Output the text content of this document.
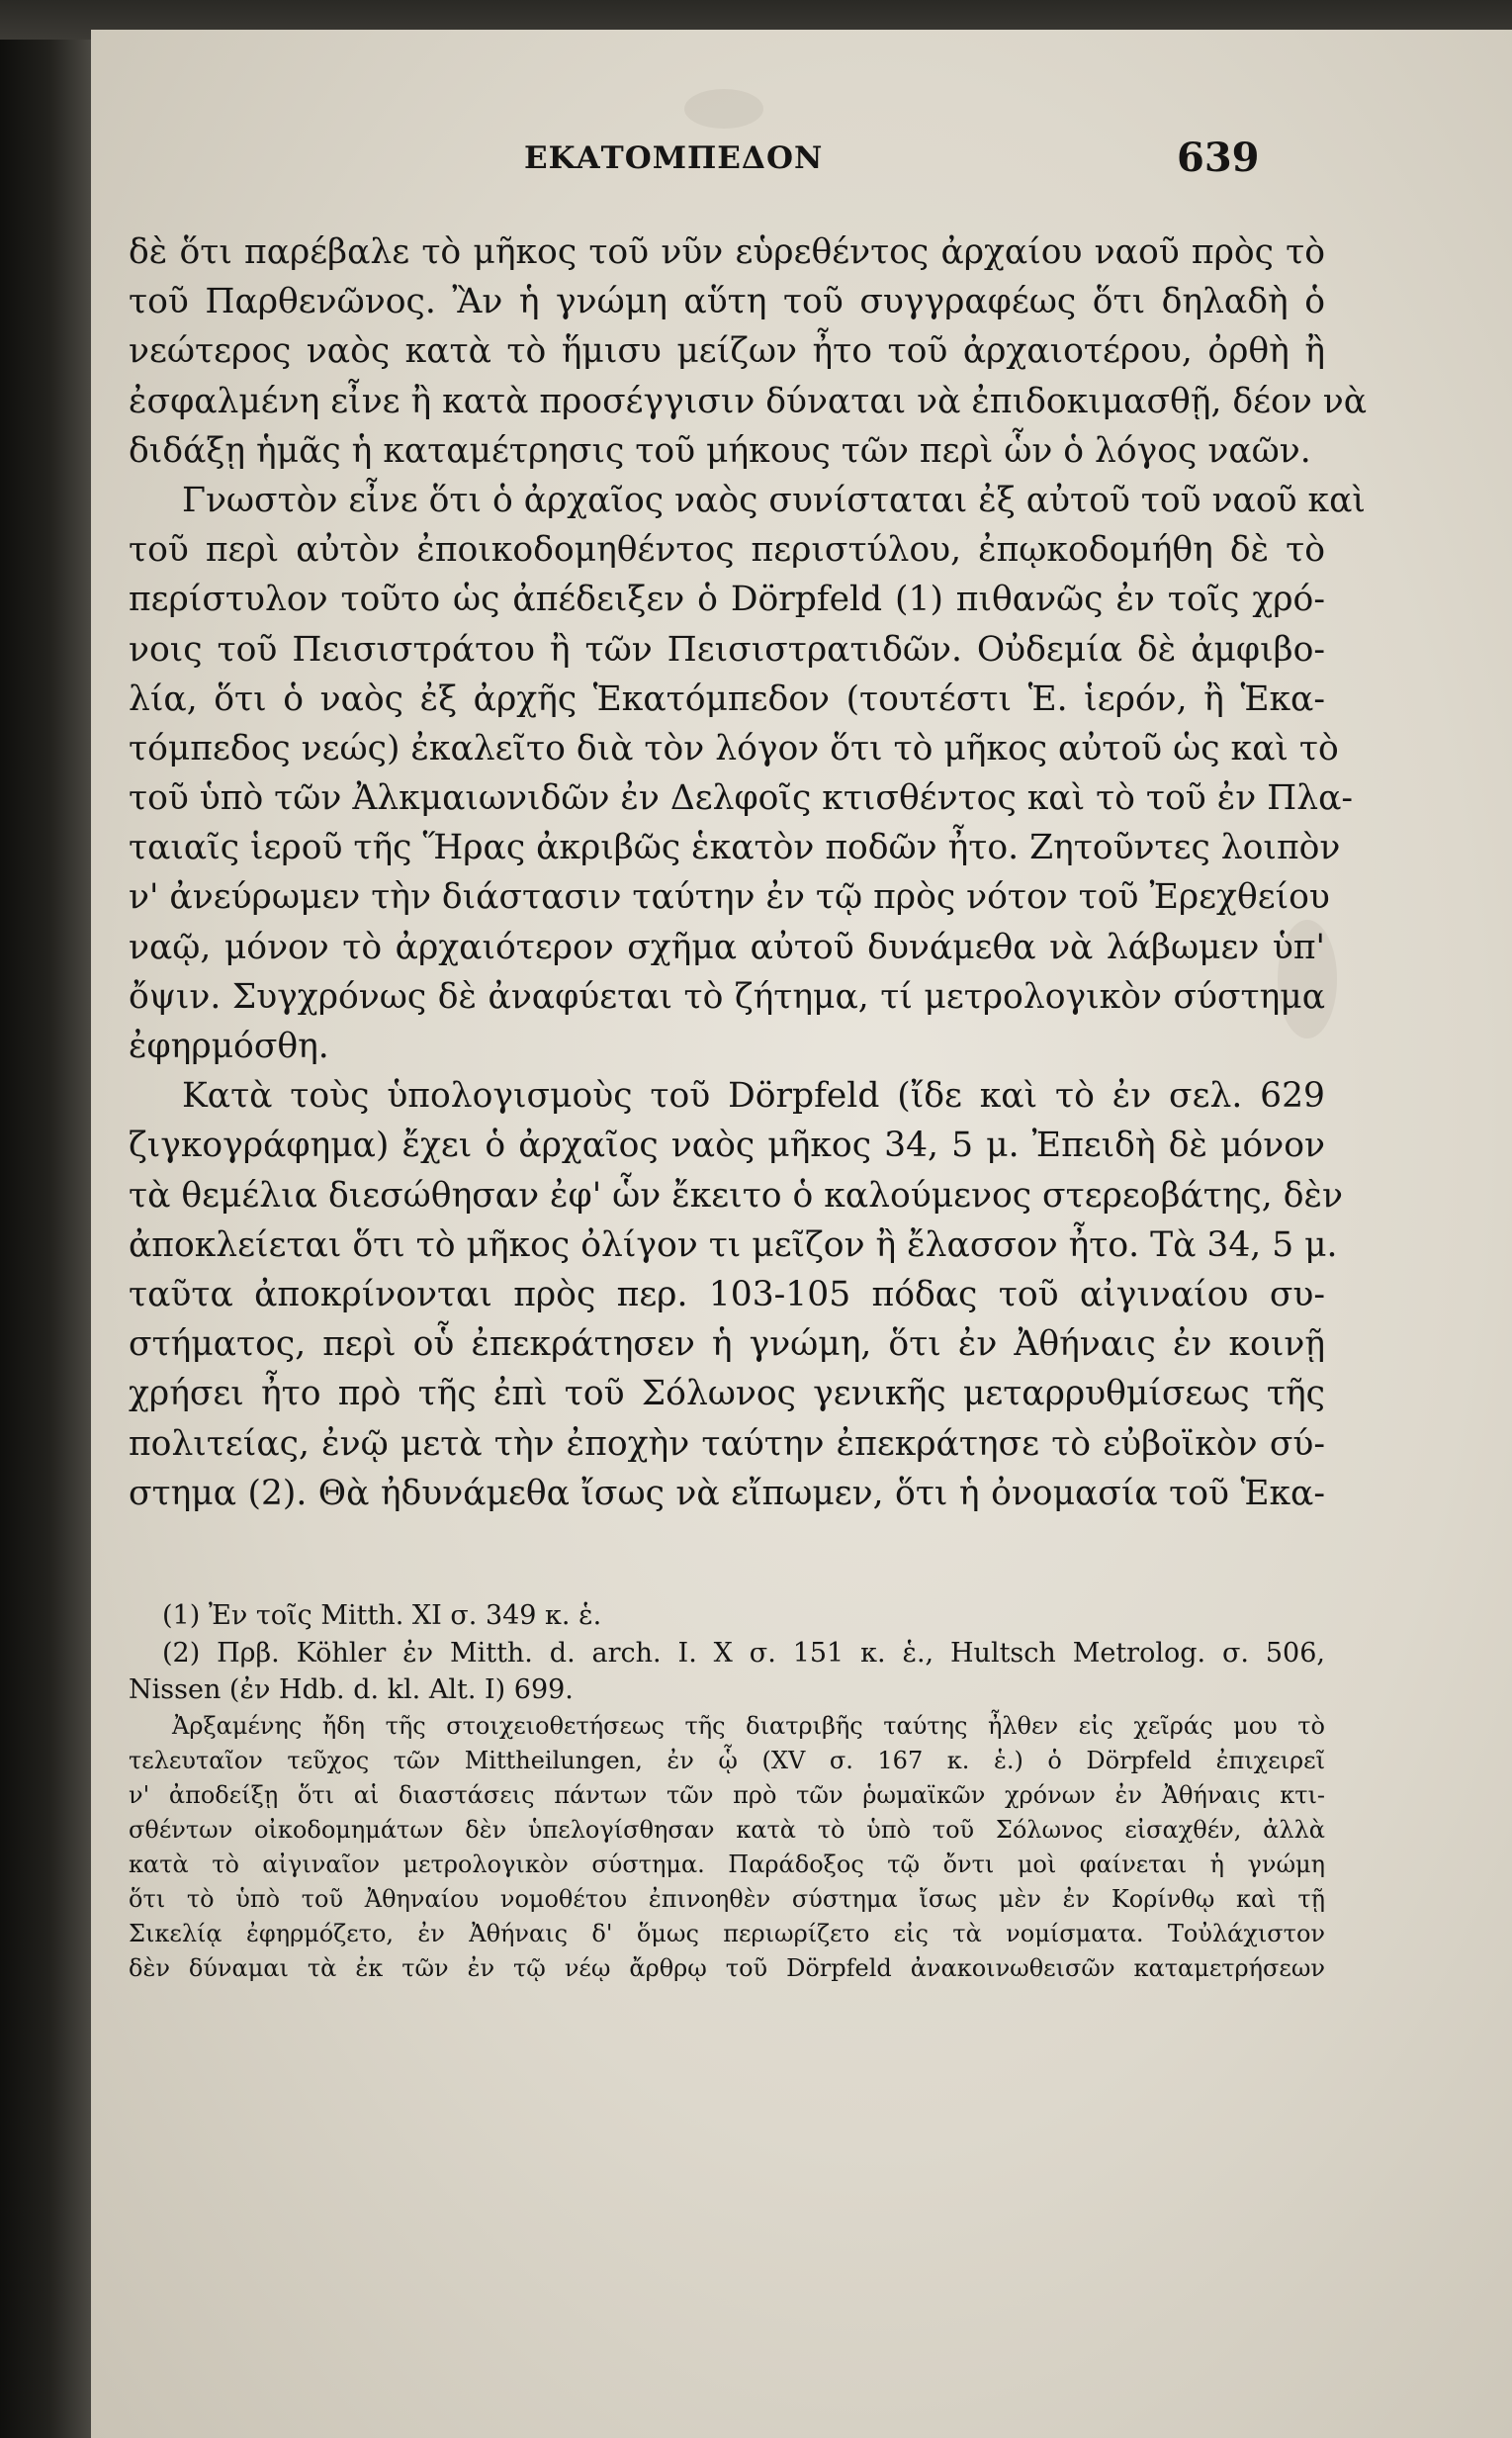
ΕΚΑΤΟΜΠΕΔΟΝ	639
δὲ ὅτι παρέβαλε τὸ μῆκος τοῦ νῦν εὑρεθέντος ἀρχαίου ναοῦ πρὸς τὸ
τοῦ Παρθενῶνος. Ἂν ἡ γνώμη αὕτη τοῦ συγγραφέως ὅτι δηλαδὴ ὁ
νεώτερος ναὸς κατὰ τὸ ἥμισυ μείζων ἦτο τοῦ ἀρχαιοτέρου, ὀρθὴ ἢ
ἐσφαλμένη εἶνε ἢ κατὰ προσέγγισιν δύναται νὰ ἐπιδοκιμασθῇ, δέον νὰ
διδάξῃ ἡμᾶς ἡ καταμέτρησις τοῦ μήκους τῶν περὶ ὧν ὁ λόγος ναῶν.
Γνωστὸν εἶνε ὅτι ὁ ἀρχαῖος ναὸς συνίσταται ἐξ αὐτοῦ τοῦ ναοῦ καὶ
τοῦ περὶ αὐτὸν ἐποικοδομηθέντος περιστύλου, ἐπῳκοδομήθη δὲ τὸ
περίστυλον τοῦτο ὡς ἀπέδειξεν ὁ Dörpfeld (1) πιθανῶς ἐν τοῖς χρό-
νοις τοῦ Πεισιστράτου ἢ τῶν Πεισιστρατιδῶν. Οὐδεμία δὲ ἀμφιβο-
λία, ὅτι ὁ ναὸς ἐξ ἀρχῆς Ἑκατόμπεδον (τουτέστι Ἑ. ἱερόν, ἢ Ἑκα-
τόμπεδος νεώς) ἐκαλεῖτο διὰ τὸν λόγον ὅτι τὸ μῆκος αὐτοῦ ὡς καὶ τὸ
τοῦ ὑπὸ τῶν Ἀλκμαιωνιδῶν ἐν Δελφοῖς κτισθέντος καὶ τὸ τοῦ ἐν Πλα-
ταιαῖς ἱεροῦ τῆς Ἥρας ἀκριβῶς ἑκατὸν ποδῶν ἦτο. Ζητοῦντες λοιπὸν
ν' ἀνεύρωμεν τὴν διάστασιν ταύτην ἐν τῷ πρὸς νότον τοῦ Ἐρεχθείου
ναῷ, μόνον τὸ ἀρχαιότερον σχῆμα αὐτοῦ δυνάμεθα νὰ λάβωμεν ὑπ'
ὄψιν. Συγχρόνως δὲ ἀναφύεται τὸ ζήτημα, τί μετρολογικὸν σύστημα
ἐφηρμόσθη.
Κατὰ τοὺς ὑπολογισμοὺς τοῦ Dörpfeld (ἴδε καὶ τὸ ἐν σελ. 629
ζιγκογράφημα) ἔχει ὁ ἀρχαῖος ναὸς μῆκος 34, 5 μ. Ἐπειδὴ δὲ μόνον
τὰ θεμέλια διεσώθησαν ἐφ' ὧν ἔκειτο ὁ καλούμενος στερεοβάτης, δὲν
ἀποκλείεται ὅτι τὸ μῆκος ὀλίγον τι μεῖζον ἢ ἔλασσον ἦτο. Τὰ 34, 5 μ.
ταῦτα ἀποκρίνονται πρὸς περ. 103-105 πόδας τοῦ αἰγιναίου συ-
στήματος, περὶ οὗ ἐπεκράτησεν ἡ γνώμη, ὅτι ἐν Ἀθήναις ἐν κοινῇ
χρήσει ἦτο πρὸ τῆς ἐπὶ τοῦ Σόλωνος γενικῆς μεταρρυθμίσεως τῆς
πολιτείας, ἐνῷ μετὰ τὴν ἐποχὴν ταύτην ἐπεκράτησε τὸ εὐβοϊκὸν σύ-
στημα (2). Θὰ ἠδυνάμεθα ἴσως νὰ εἴπωμεν, ὅτι ἡ ὀνομασία τοῦ Ἑκα-
(1) Ἐν τοῖς Mitth. XI σ. 349 κ. ἑ.
(2) Πρβ. Köhler ἐν Mitth. d. arch. I. X σ. 151 κ. ἑ., Hultsch Metrolog. σ. 506,
Nissen (ἐν Hdb. d. kl. Alt. I) 699.
Ἀρξαμένης ἤδη τῆς στοιχειοθετήσεως τῆς διατριβῆς ταύτης ἦλθεν εἰς χεῖράς μου τὸ
τελευταῖον τεῦχος τῶν Mittheilungen, ἐν ᾧ (XV σ. 167 κ. ἑ.) ὁ Dörpfeld ἐπιχειρεῖ
ν' ἀποδείξῃ ὅτι αἱ διαστάσεις πάντων τῶν πρὸ τῶν ῥωμαϊκῶν χρόνων ἐν Ἀθήναις κτι-
σθέντων οἰκοδομημάτων δὲν ὑπελογίσθησαν κατὰ τὸ ὑπὸ τοῦ Σόλωνος εἰσαχθέν, ἀλλὰ
κατὰ τὸ αἰγιναῖον μετρολογικὸν σύστημα. Παράδοξος τῷ ὄντι μοὶ φαίνεται ἡ γνώμη
ὅτι τὸ ὑπὸ τοῦ Ἀθηναίου νομοθέτου ἐπινοηθὲν σύστημα ἴσως μὲν ἐν Κορίνθῳ καὶ τῇ
Σικελίᾳ ἐφηρμόζετο, ἐν Ἀθήναις δ' ὅμως περιωρίζετο εἰς τὰ νομίσματα. Τοὐλάχιστον
δὲν δύναμαι τὰ ἐκ τῶν ἐν τῷ νέῳ ἄρθρῳ τοῦ Dörpfeld ἀνακοινωθεισῶν καταμετρήσεων
